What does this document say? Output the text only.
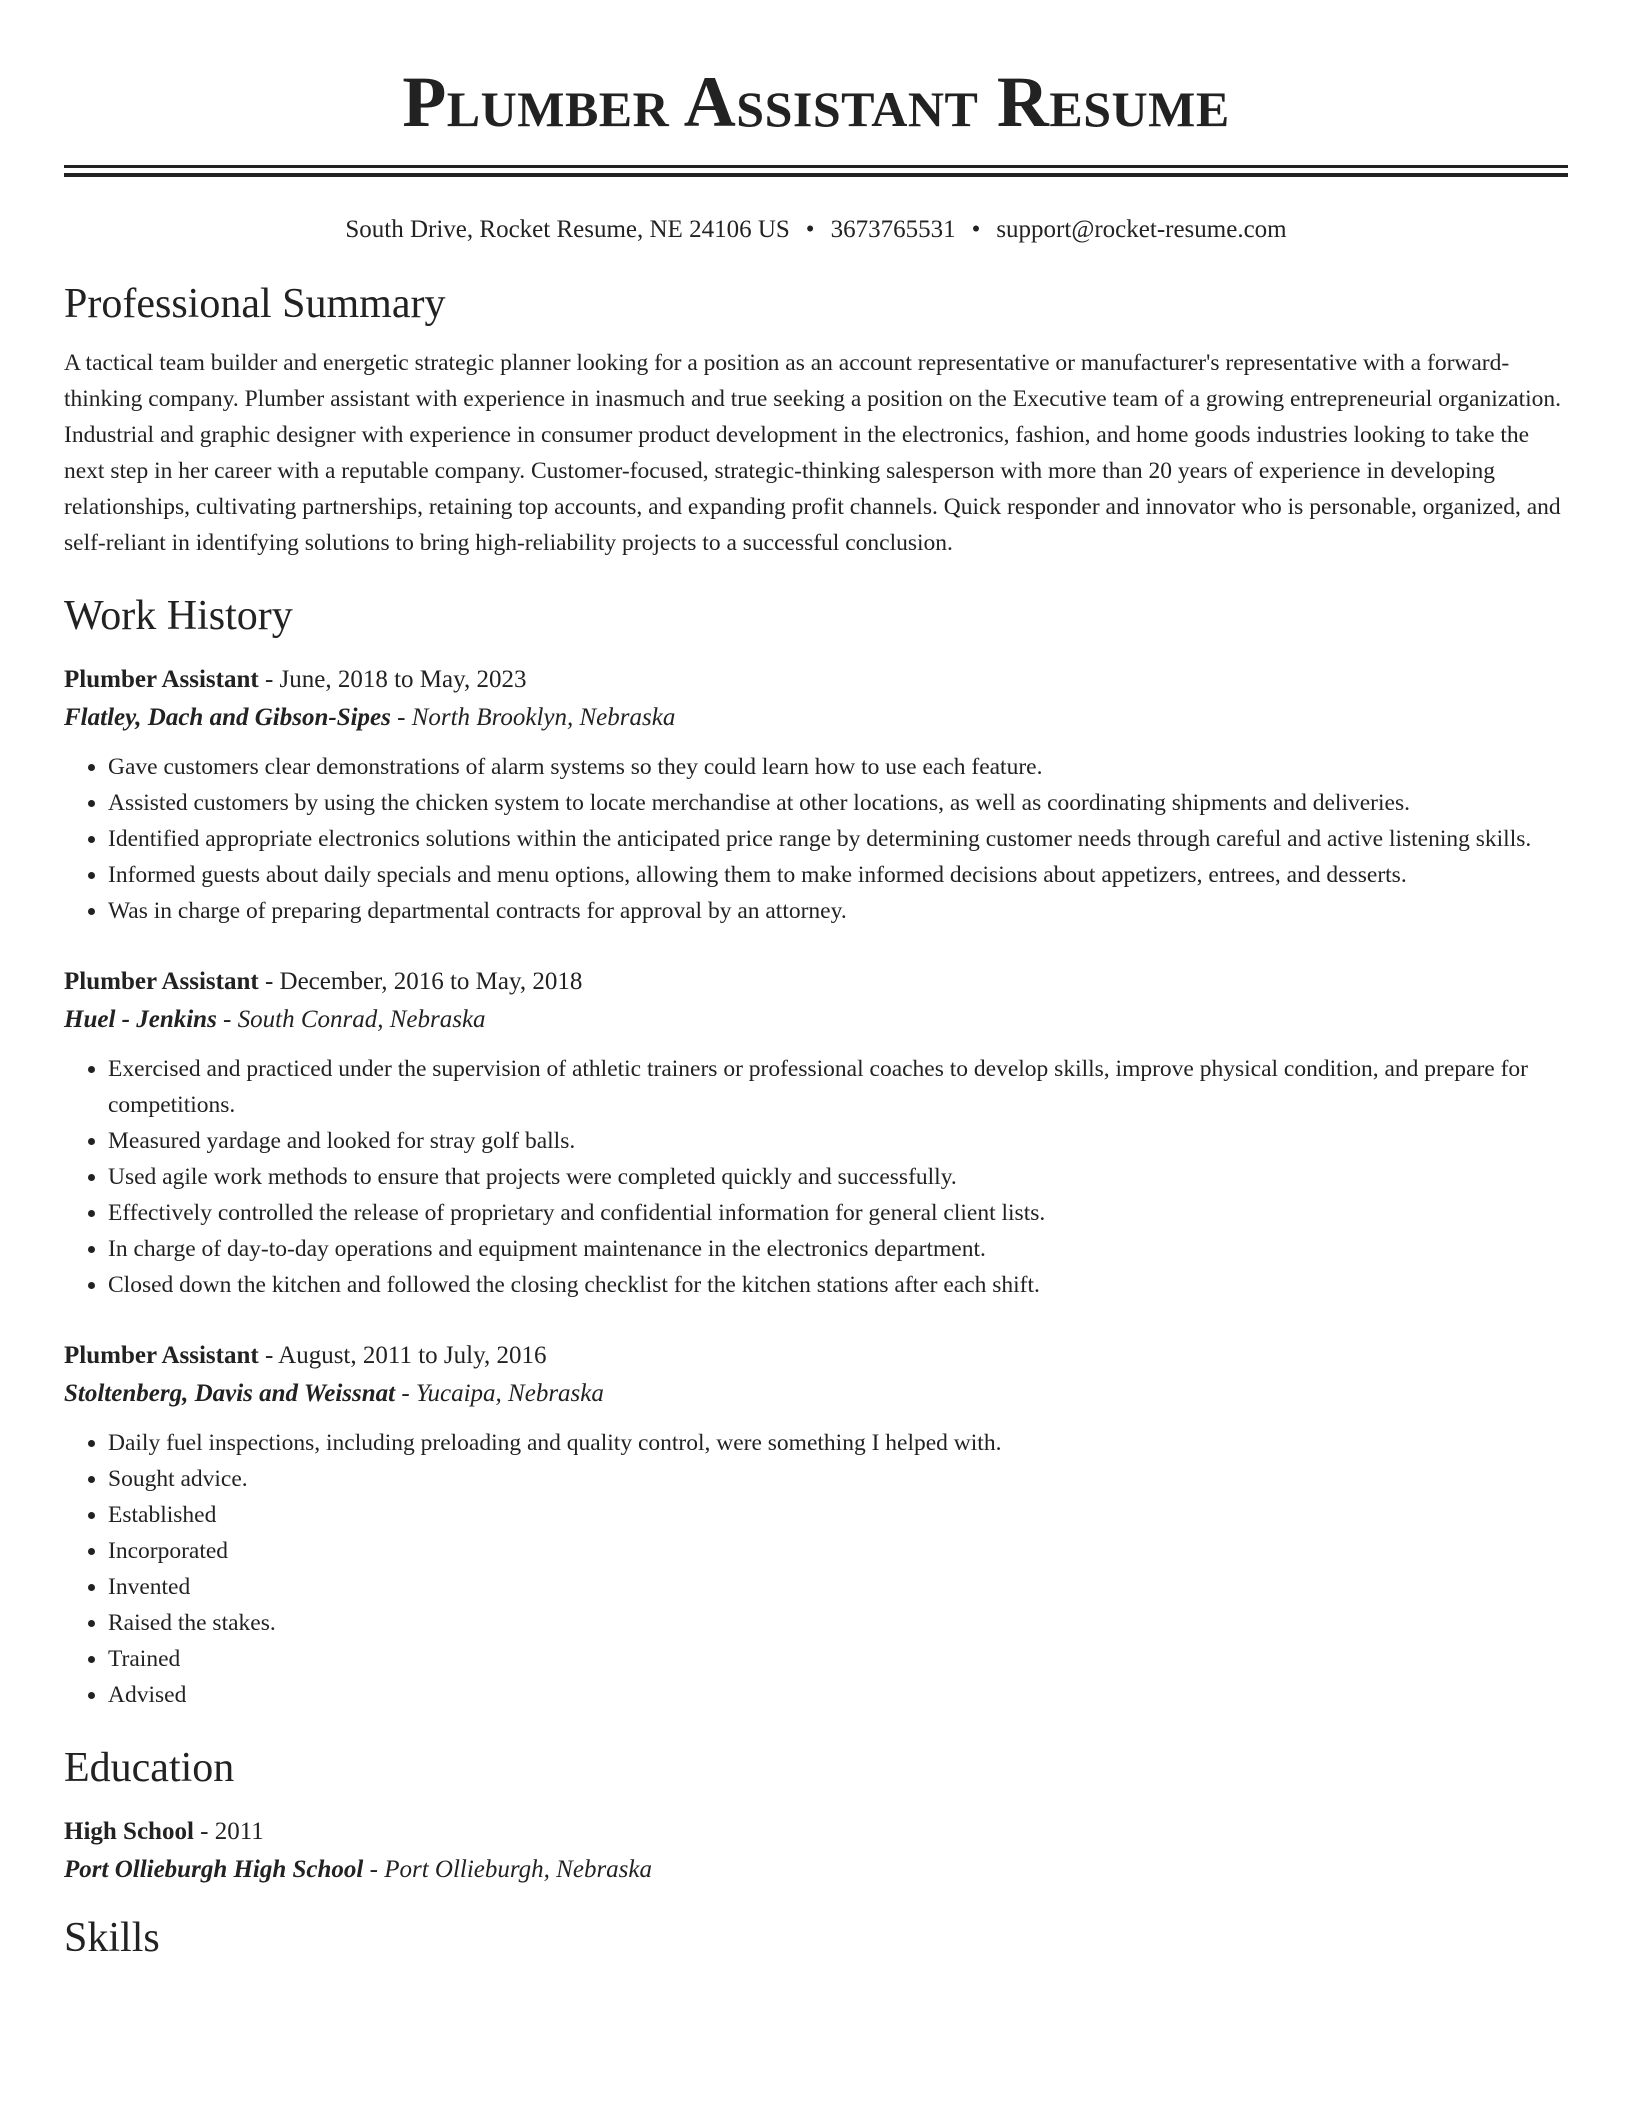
Plumber Assistant Resume
South Drive, Rocket Resume, NE 24106 US • 3673765531 • support@rocket-resume.com
Professional Summary

A tactical team builder and energetic strategic planner looking for a position as an account representative or manufacturer's representative with a forward-thinking company. Plumber assistant with experience in inasmuch and true seeking a position on the Executive team of a growing entrepreneurial organization. Industrial and graphic designer with experience in consumer product development in the electronics, fashion, and home goods industries looking to take the next step in her career with a reputable company. Customer-focused, strategic-thinking salesperson with more than 20 years of experience in developing relationships, cultivating partnerships, retaining top accounts, and expanding profit channels. Quick responder and innovator who is personable, organized, and self-reliant in identifying solutions to bring high-reliability projects to a successful conclusion.

Work History
Plumber Assistant - June, 2018 to May, 2023
Flatley, Dach and Gibson-Sipes - North Brooklyn, Nebraska
• Gave customers clear demonstrations of alarm systems so they could learn how to use each feature.
• Assisted customers by using the chicken system to locate merchandise at other locations, as well as coordinating shipments and deliveries.
• Identified appropriate electronics solutions within the anticipated price range by determining customer needs through careful and active listening skills.
• Informed guests about daily specials and menu options, allowing them to make informed decisions about appetizers, entrees, and desserts.
• Was in charge of preparing departmental contracts for approval by an attorney.
Plumber Assistant - December, 2016 to May, 2018
Huel - Jenkins - South Conrad, Nebraska
• Exercised and practiced under the supervision of athletic trainers or professional coaches to develop skills, improve physical condition, and prepare for competitions.
• Measured yardage and looked for stray golf balls.
• Used agile work methods to ensure that projects were completed quickly and successfully.
• Effectively controlled the release of proprietary and confidential information for general client lists.
• In charge of day-to-day operations and equipment maintenance in the electronics department.
• Closed down the kitchen and followed the closing checklist for the kitchen stations after each shift.
Plumber Assistant - August, 2011 to July, 2016
Stoltenberg, Davis and Weissnat - Yucaipa, Nebraska
• Daily fuel inspections, including preloading and quality control, were something I helped with.
• Sought advice.
• Established
• Incorporated
• Invented
• Raised the stakes.
• Trained
• Advised
Education
High School - 2011
Port Ollieburgh High School - Port Ollieburgh, Nebraska
Skills
